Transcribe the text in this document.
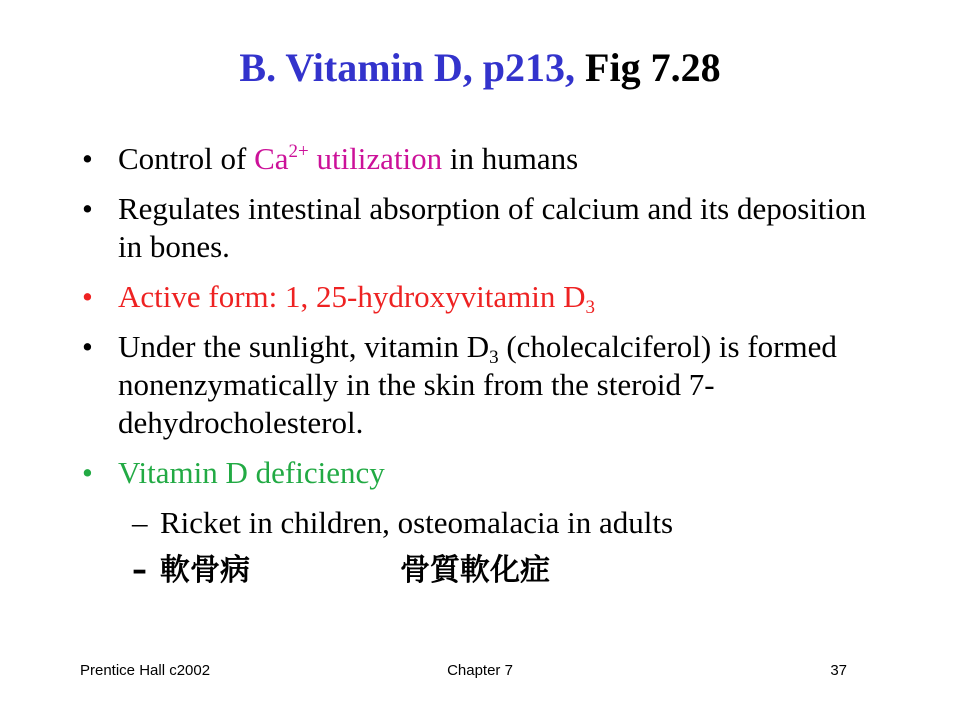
B. Vitamin D, p213, Fig 7.28
• Control of $Ca^{2+}$ utilization in humans
• Regulates intestinal absorption of calcium and its deposition in bones.
• Active form: 1, 25-hydroxyvitamin $D_3$
• Under the sunlight, vitamin $D_3$ (cholecalciferol) is formed nonenzymatically in the skin from the steroid 7-dehydrocholesterol.
• Vitamin D deficiency
– Ricket in children, osteomalacia in adults
– 軟骨病	骨質軟化症
Prentice Hall c2002	Chapter 7	37
